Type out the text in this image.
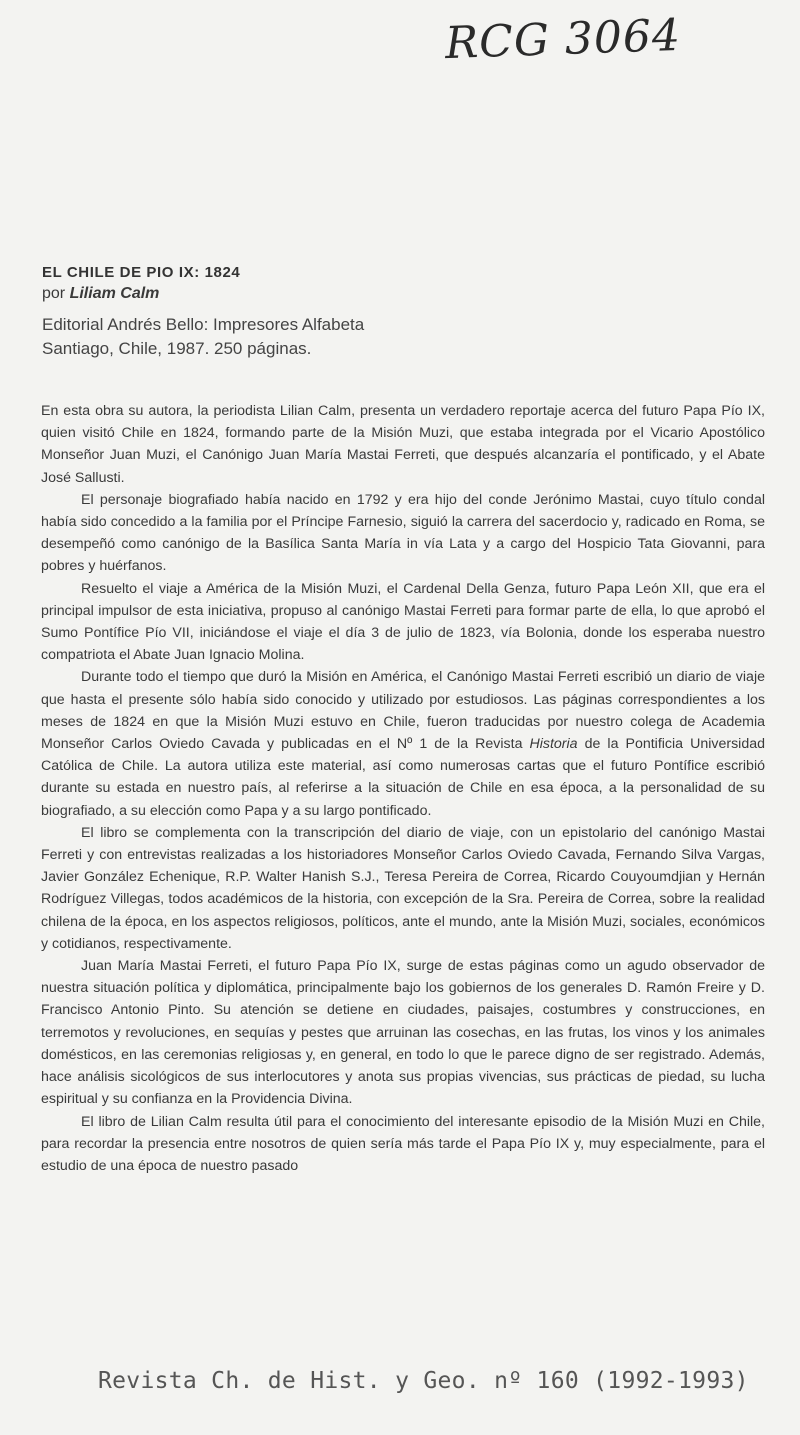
RCG 3064

EL CHILE DE PIO IX: 1824

por Liliam Calm

Editorial Andrés Bello: Impresores Alfabeta

Santiago, Chile, 1987. 250 páginas.

En esta obra su autora, la periodista Lilian Calm, presenta un verdadero reportaje acerca del futuro Papa Pío IX, quien visitó Chile en 1824, formando parte de la Misión Muzi, que estaba integrada por el Vicario Apostólico Monseñor Juan Muzi, el Canónigo Juan María Mastai Ferreti, que después alcanzaría el pontificado, y el Abate José Sallusti.

El personaje biografiado había nacido en 1792 y era hijo del conde Jerónimo Mastai, cuyo título condal había sido concedido a la familia por el Príncipe Farnesio, siguió la carrera del sacerdocio y, radicado en Roma, se desempeñó como canónigo de la Basílica Santa María in vía Lata y a cargo del Hospicio Tata Giovanni, para pobres y huérfanos.

Resuelto el viaje a América de la Misión Muzi, el Cardenal Della Genza, futuro Papa León XII, que era el principal impulsor de esta iniciativa, propuso al canónigo Mastai Ferreti para formar parte de ella, lo que aprobó el Sumo Pontífice Pío VII, iniciándose el viaje el día 3 de julio de 1823, vía Bolonia, donde los esperaba nuestro compatriota el Abate Juan Ignacio Molina.

Durante todo el tiempo que duró la Misión en América, el Canónigo Mastai Ferreti escribió un diario de viaje que hasta el presente sólo había sido conocido y utilizado por estudiosos. Las páginas correspondientes a los meses de 1824 en que la Misión Muzi estuvo en Chile, fueron traducidas por nuestro colega de Academia Monseñor Carlos Oviedo Cavada y publicadas en el Nº 1 de la Revista Historia de la Pontificia Universidad Católica de Chile. La autora utiliza este material, así como numerosas cartas que el futuro Pontífice escribió durante su estada en nuestro país, al referirse a la situación de Chile en esa época, a la personalidad de su biografiado, a su elección como Papa y a su largo pontificado.

El libro se complementa con la transcripción del diario de viaje, con un epistolario del canónigo Mastai Ferreti y con entrevistas realizadas a los historiadores Monseñor Carlos Oviedo Cavada, Fernando Silva Vargas, Javier González Echenique, R.P. Walter Hanish S.J., Teresa Pereira de Correa, Ricardo Couyoumdjian y Hernán Rodríguez Villegas, todos académicos de la historia, con excepción de la Sra. Pereira de Correa, sobre la realidad chilena de la época, en los aspectos religiosos, políticos, ante el mundo, ante la Misión Muzi, sociales, económicos y cotidianos, respectivamente.

Juan María Mastai Ferreti, el futuro Papa Pío IX, surge de estas páginas como un agudo observador de nuestra situación política y diplomática, principalmente bajo los gobiernos de los generales D. Ramón Freire y D. Francisco Antonio Pinto. Su atención se detiene en ciudades, paisajes, costumbres y construcciones, en terremotos y revoluciones, en sequías y pestes que arruinan las cosechas, en las frutas, los vinos y los animales domésticos, en las ceremonias religiosas y, en general, en todo lo que le parece digno de ser registrado. Además, hace análisis sicológicos de sus interlocutores y anota sus propias vivencias, sus prácticas de piedad, su lucha espiritual y su confianza en la Providencia Divina.

El libro de Lilian Calm resulta útil para el conocimiento del interesante episodio de la Misión Muzi en Chile, para recordar la presencia entre nosotros de quien sería más tarde el Papa Pío IX y, muy especialmente, para el estudio de una época de nuestro pasado

Revista Ch. de Hist. y Geo. nº 160 (1992-1993)
